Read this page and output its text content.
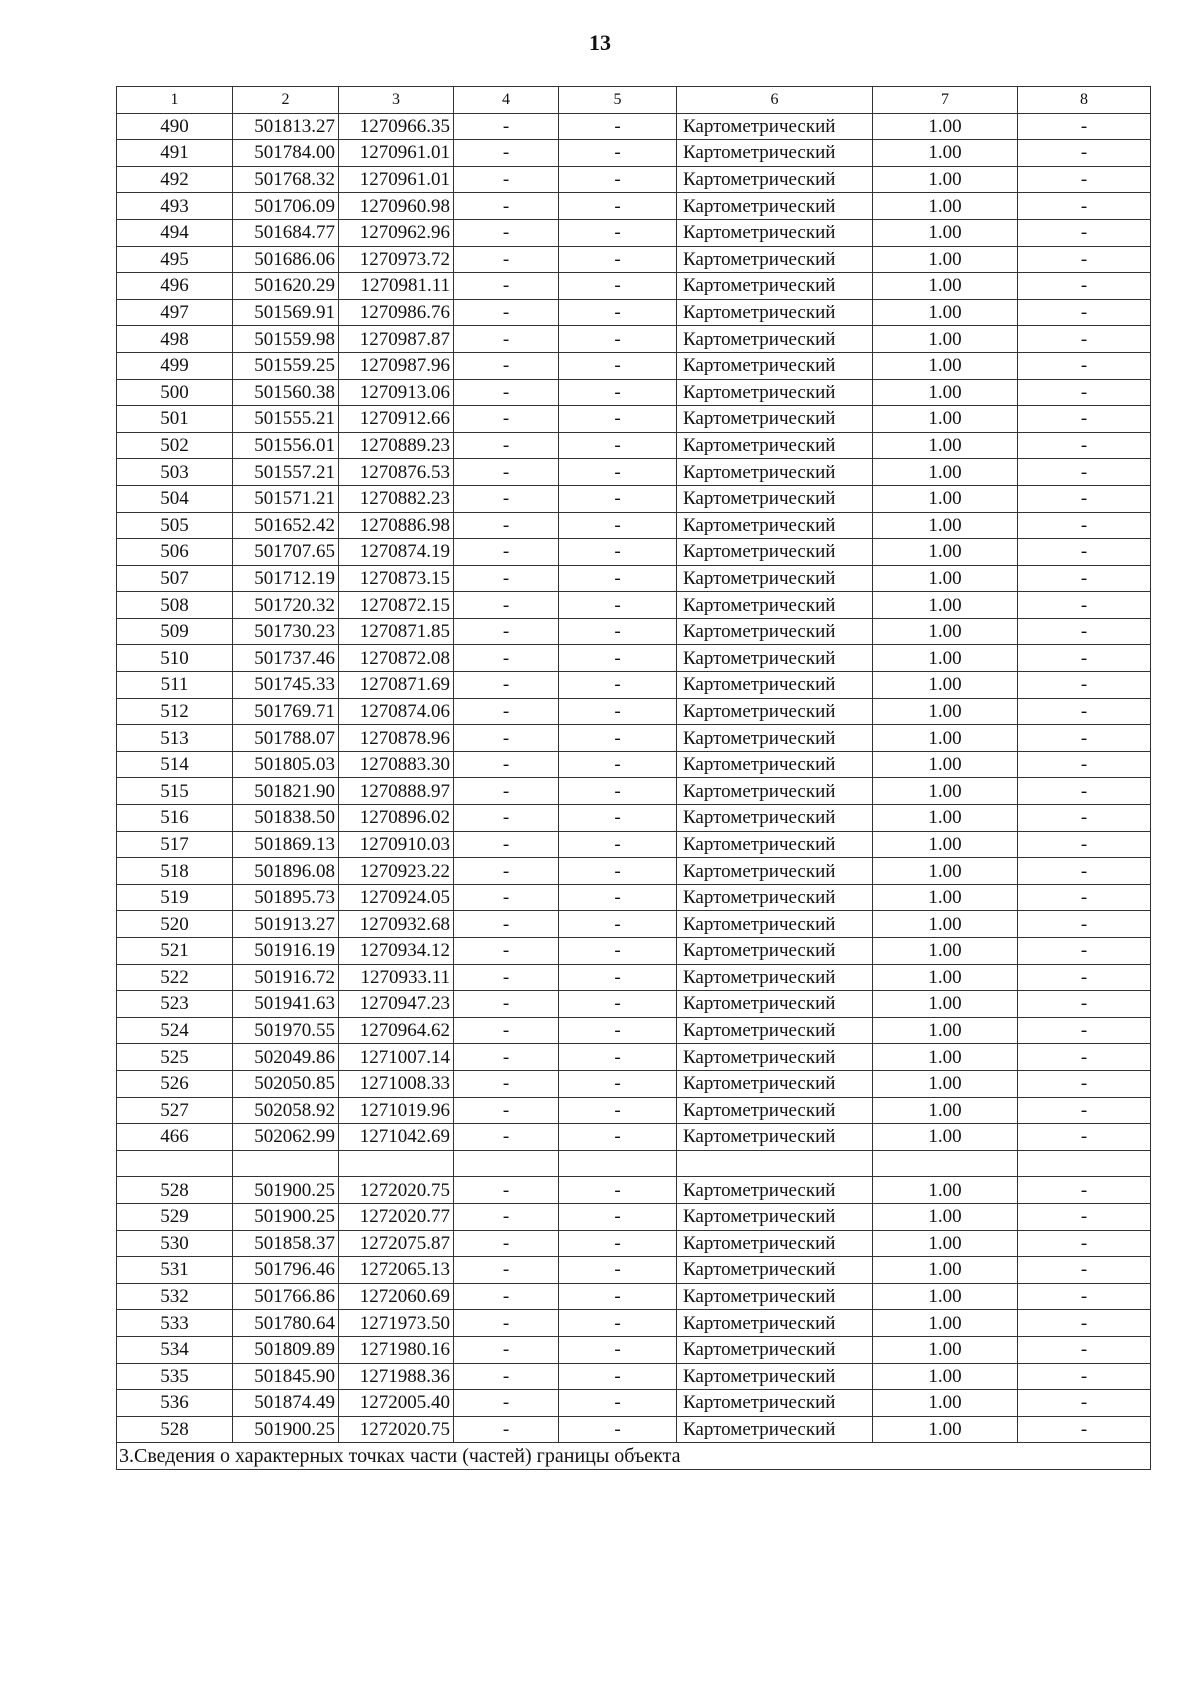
13
1	2	3	4	5	6	7	8
490	501813.27	1270966.35	-	-	Картометрический	1.00	-
491	501784.00	1270961.01	-	-	Картометрический	1.00	-
492	501768.32	1270961.01	-	-	Картометрический	1.00	-
493	501706.09	1270960.98	-	-	Картометрический	1.00	-
494	501684.77	1270962.96	-	-	Картометрический	1.00	-
495	501686.06	1270973.72	-	-	Картометрический	1.00	-
496	501620.29	1270981.11	-	-	Картометрический	1.00	-
497	501569.91	1270986.76	-	-	Картометрический	1.00	-
498	501559.98	1270987.87	-	-	Картометрический	1.00	-
499	501559.25	1270987.96	-	-	Картометрический	1.00	-
500	501560.38	1270913.06	-	-	Картометрический	1.00	-
501	501555.21	1270912.66	-	-	Картометрический	1.00	-
502	501556.01	1270889.23	-	-	Картометрический	1.00	-
503	501557.21	1270876.53	-	-	Картометрический	1.00	-
504	501571.21	1270882.23	-	-	Картометрический	1.00	-
505	501652.42	1270886.98	-	-	Картометрический	1.00	-
506	501707.65	1270874.19	-	-	Картометрический	1.00	-
507	501712.19	1270873.15	-	-	Картометрический	1.00	-
508	501720.32	1270872.15	-	-	Картометрический	1.00	-
509	501730.23	1270871.85	-	-	Картометрический	1.00	-
510	501737.46	1270872.08	-	-	Картометрический	1.00	-
511	501745.33	1270871.69	-	-	Картометрический	1.00	-
512	501769.71	1270874.06	-	-	Картометрический	1.00	-
513	501788.07	1270878.96	-	-	Картометрический	1.00	-
514	501805.03	1270883.30	-	-	Картометрический	1.00	-
515	501821.90	1270888.97	-	-	Картометрический	1.00	-
516	501838.50	1270896.02	-	-	Картометрический	1.00	-
517	501869.13	1270910.03	-	-	Картометрический	1.00	-
518	501896.08	1270923.22	-	-	Картометрический	1.00	-
519	501895.73	1270924.05	-	-	Картометрический	1.00	-
520	501913.27	1270932.68	-	-	Картометрический	1.00	-
521	501916.19	1270934.12	-	-	Картометрический	1.00	-
522	501916.72	1270933.11	-	-	Картометрический	1.00	-
523	501941.63	1270947.23	-	-	Картометрический	1.00	-
524	501970.55	1270964.62	-	-	Картометрический	1.00	-
525	502049.86	1271007.14	-	-	Картометрический	1.00	-
526	502050.85	1271008.33	-	-	Картометрический	1.00	-
527	502058.92	1271019.96	-	-	Картометрический	1.00	-
466	502062.99	1271042.69	-	-	Картометрический	1.00	-

528	501900.25	1272020.75	-	-	Картометрический	1.00	-
529	501900.25	1272020.77	-	-	Картометрический	1.00	-
530	501858.37	1272075.87	-	-	Картометрический	1.00	-
531	501796.46	1272065.13	-	-	Картометрический	1.00	-
532	501766.86	1272060.69	-	-	Картометрический	1.00	-
533	501780.64	1271973.50	-	-	Картометрический	1.00	-
534	501809.89	1271980.16	-	-	Картометрический	1.00	-
535	501845.90	1271988.36	-	-	Картометрический	1.00	-
536	501874.49	1272005.40	-	-	Картометрический	1.00	-
528	501900.25	1272020.75	-	-	Картометрический	1.00	-
3.Сведения о характерных точках части (частей) границы объекта							
